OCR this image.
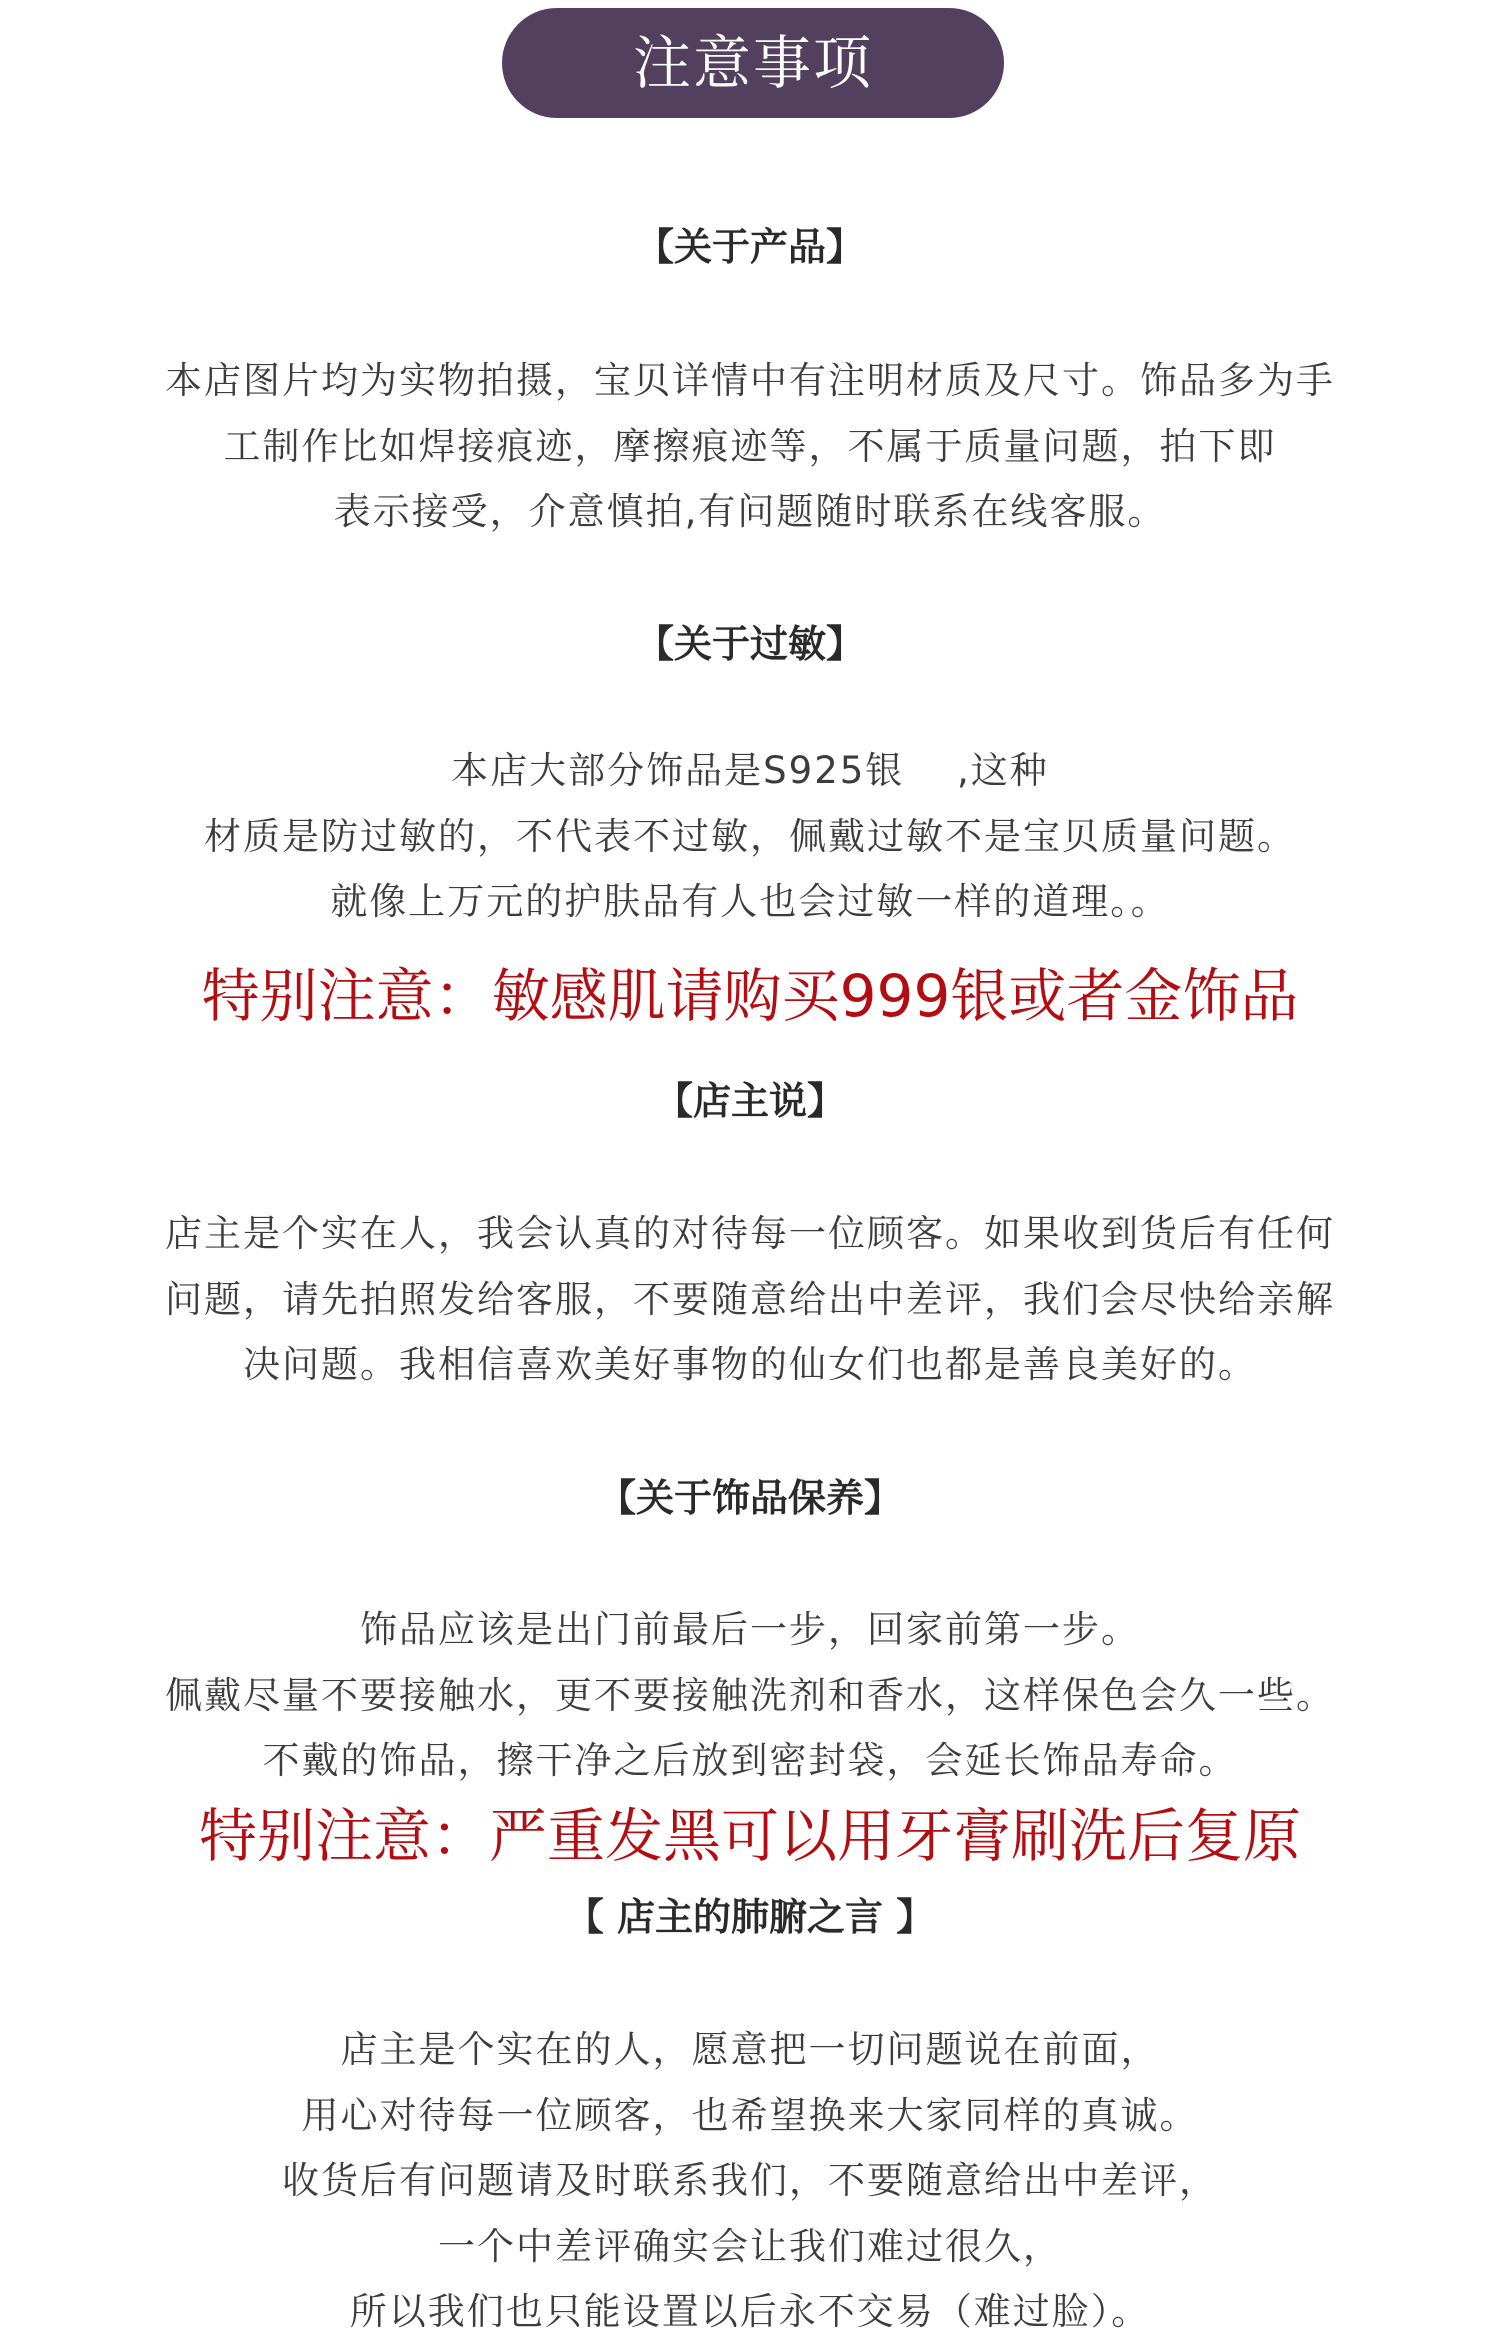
注意事项
【关于产品】
本店图片均为实物拍摄，宝贝详情中有注明材质及尺寸。饰品多为手
工制作比如焊接痕迹，摩擦痕迹等，不属于质量问题，拍下即
表示接受，介意慎拍,有问题随时联系在线客服。
【关于过敏】
本店大部分饰品是S925银　 ,这种
材质是防过敏的，不代表不过敏，佩戴过敏不是宝贝质量问题。
就像上万元的护肤品有人也会过敏一样的道理。。
特别注意：敏感肌请购买999银或者金饰品
【店主说】
店主是个实在人，我会认真的对待每一位顾客。如果收到货后有任何
问题，请先拍照发给客服，不要随意给出中差评，我们会尽快给亲解
决问题。我相信喜欢美好事物的仙女们也都是善良美好的。
【关于饰品保养】
饰品应该是出门前最后一步，回家前第一步。
佩戴尽量不要接触水，更不要接触洗剂和香水，这样保色会久一些。
不戴的饰品，擦干净之后放到密封袋，会延长饰品寿命。
特别注意：严重发黑可以用牙膏刷洗后复原
【 店主的肺腑之言 】
店主是个实在的人，愿意把一切问题说在前面，
用心对待每一位顾客，也希望换来大家同样的真诚。
收货后有问题请及时联系我们，不要随意给出中差评，
一个中差评确实会让我们难过很久，
所以我们也只能设置以后永不交易（难过脸）。
